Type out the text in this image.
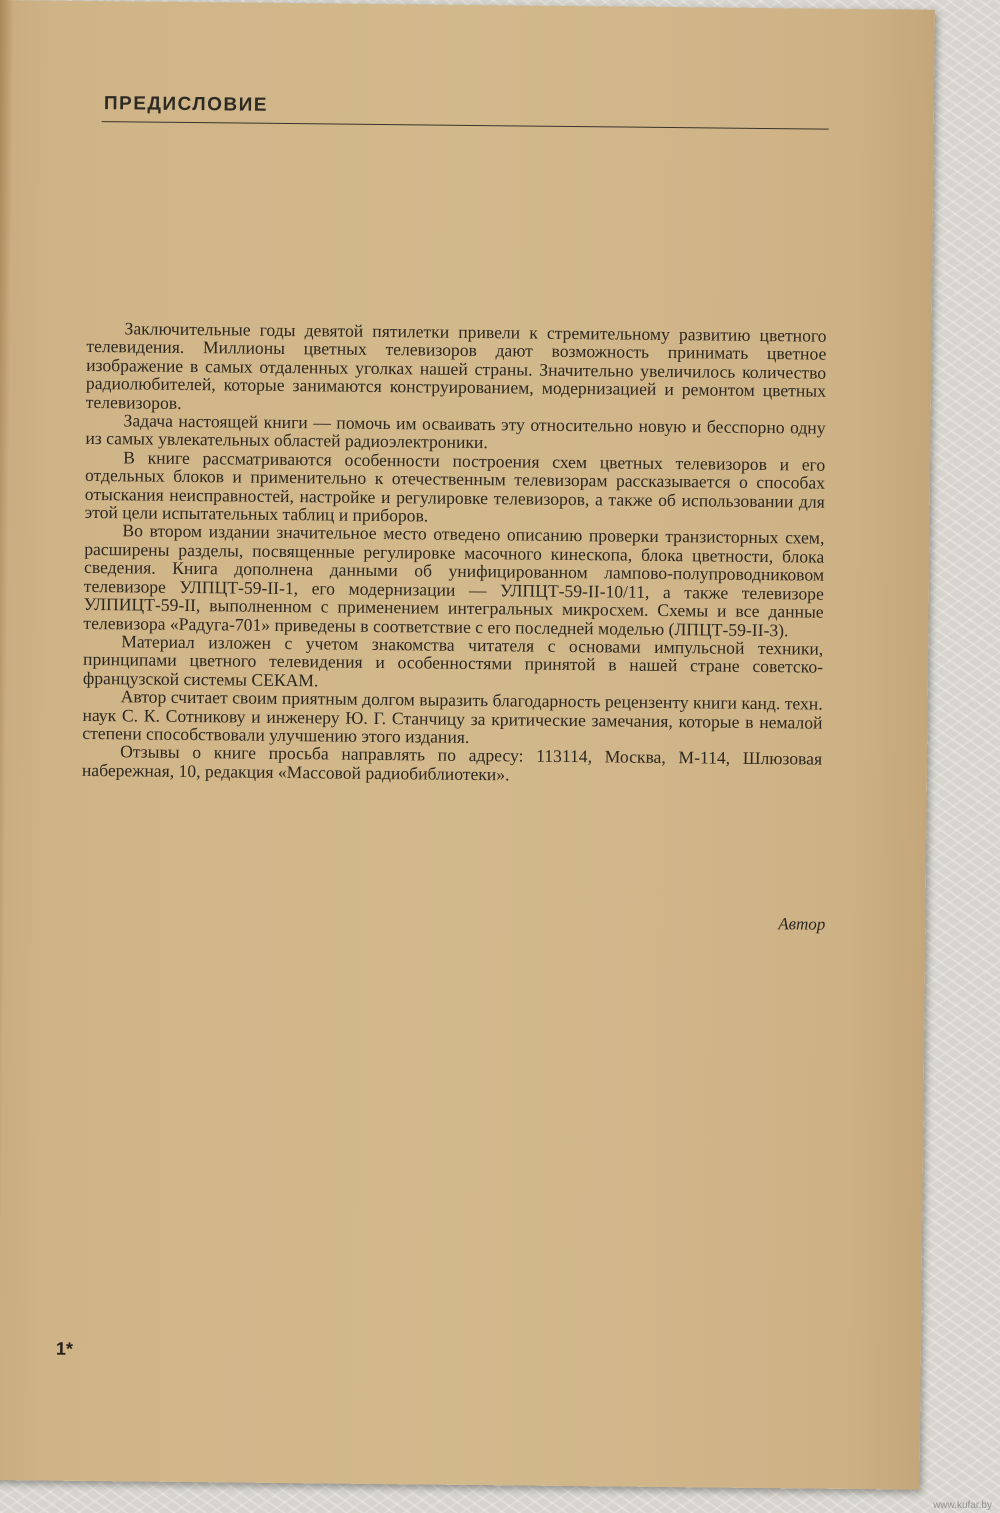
ПРЕДИСЛОВИЕ

Заключительные годы девятой пятилетки привели к стремительному развитию цветного телевидения. Миллионы цветных телевизоров дают возможность принимать цветное изображение в самых отдаленных уголках нашей страны. Значительно увеличилось количество радиолюбителей, которые занимаются конструированием, модернизацией и ремонтом цветных телевизоров.

Задача настоящей книги — помочь им осваивать эту относительно новую и бесспорно одну из самых увлекательных областей радиоэлектроники.

В книге рассматриваются особенности построения схем цветных телевизоров и его отдельных блоков и применительно к отечественным телевизорам рассказывается о способах отыскания неисправностей, настройке и регулировке телевизоров, а также об использовании для этой цели испытательных таблиц и приборов.

Во втором издании значительное место отведено описанию проверки транзисторных схем, расширены разделы, посвященные регулировке масочного кинескопа, блока цветности, блока сведения. Книга дополнена данными об унифицированном лампово-полупроводниковом телевизоре УЛПЦТ-59-II-1, его модернизации — УЛПЦТ-59-II-10/11, а также телевизоре УЛПИЦТ-59-II, выполненном с применением интегральных микросхем. Схемы и все данные телевизора «Радуга-701» приведены в соответствие с его последней моделью (ЛПЦТ-59-II-3).

Материал изложен с учетом знакомства читателя с основами импульсной техники, принципами цветного телевидения и особенностями принятой в нашей стране советско-французской системы СЕКАМ.

Автор считает своим приятным долгом выразить благодарность рецензенту книги канд. техн. наук С. К. Сотникову и инженеру Ю. Г. Станчицу за критические замечания, которые в немалой степени способствовали улучшению этого издания.

Отзывы о книге просьба направлять по адресу: 113114, Москва, М-114, Шлюзовая набережная, 10, редакция «Массовой радиобиблиотеки».

Автор
1*
www.kufar.by
